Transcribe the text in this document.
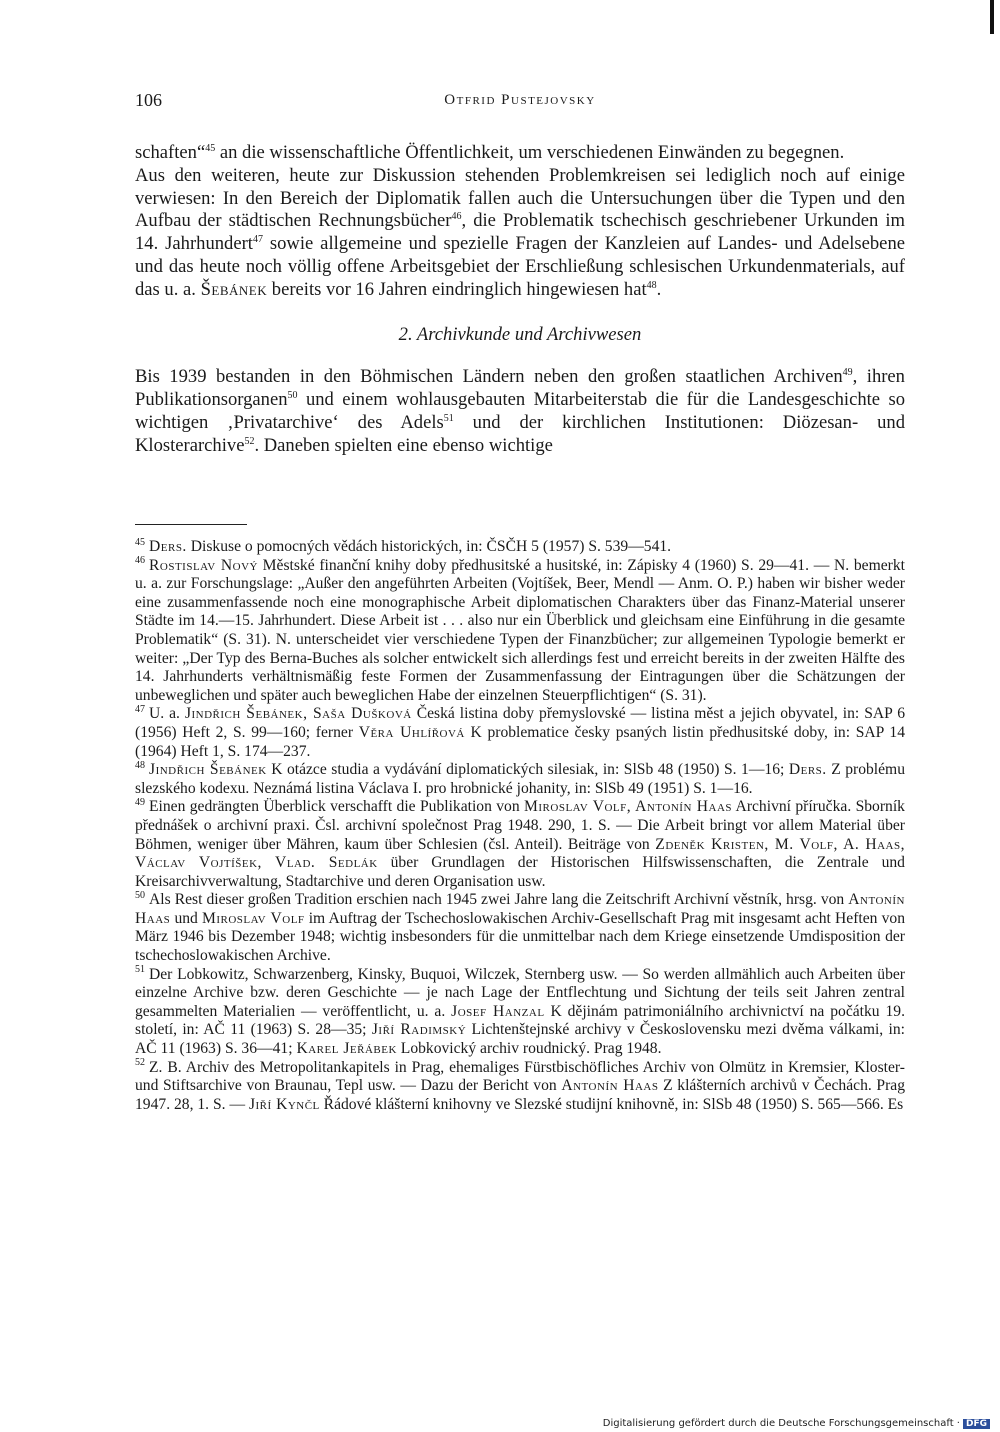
106	Otfrid Pustejovsky

schaften“$^{45}$ an die wissenschaftliche Öffentlichkeit, um verschiedenen Einwänden zu begegnen.

Aus den weiteren, heute zur Diskussion stehenden Problemkreisen sei lediglich noch auf einige verwiesen: In den Bereich der Diplomatik fallen auch die Untersuchungen über die Typen und den Aufbau der städtischen Rechnungsbücher$^{46}$, die Problematik tschechisch geschriebener Urkunden im 14. Jahrhundert$^{47}$ sowie allgemeine und spezielle Fragen der Kanzleien auf Landes- und Adelsebene und das heute noch völlig offene Arbeitsgebiet der Erschließung schlesischen Urkundenmaterials, auf das u. a. Šebánek bereits vor 16 Jahren eindringlich hingewiesen hat$^{48}$.

2. Archivkunde und Archivwesen

Bis 1939 bestanden in den Böhmischen Ländern neben den großen staatlichen Archiven$^{49}$, ihren Publikationsorganen$^{50}$ und einem wohlausgebauten Mitarbeiterstab die für die Landesgeschichte so wichtigen ‚Privatarchive‘ des Adels$^{51}$ und der kirchlichen Institutionen: Diözesan- und Klosterarchive$^{52}$. Daneben spielten eine ebenso wichtige

$^{45}$ Ders. Diskuse o pomocných vědách historických, in: ČSČH 5 (1957) S. 539—541.

$^{46}$ Rostislav Nový Městské finanční knihy doby předhusitské a husitské, in: Zápisky 4 (1960) S. 29—41. — N. bemerkt u. a. zur Forschungslage: „Außer den angeführten Arbeiten (Vojtíšek, Beer, Mendl — Anm. O. P.) haben wir bisher weder eine zusammenfassende noch eine monographische Arbeit diplomatischen Charakters über das Finanz-Material unserer Städte im 14.—15. Jahrhundert. Diese Arbeit ist . . . also nur ein Überblick und gleichsam eine Einführung in die gesamte Problematik“ (S. 31). N. unterscheidet vier verschiedene Typen der Finanzbücher; zur allgemeinen Typologie bemerkt er weiter: „Der Typ des Berna-Buches als solcher entwickelt sich allerdings fest und erreicht bereits in der zweiten Hälfte des 14. Jahrhunderts verhältnismäßig feste Formen der Zusammenfassung der Eintragungen über die Schätzungen der unbeweglichen und später auch beweglichen Habe der einzelnen Steuerpflichtigen“ (S. 31).

$^{47}$ U. a. Jindřich Šebánek, Saša Dušková Česká listina doby přemyslovské — listina měst a jejich obyvatel, in: SAP 6 (1956) Heft 2, S. 99—160; ferner Věra Uhlířová K problematice česky psaných listin předhusitské doby, in: SAP 14 (1964) Heft 1, S. 174—237.

$^{48}$ Jindřich Šebánek K otázce studia a vydávání diplomatických silesiak, in: SlSb 48 (1950) S. 1—16; Ders. Z problému slezského kodexu. Neznámá listina Václava I. pro hrobnické johanity, in: SlSb 49 (1951) S. 1—16.

$^{49}$ Einen gedrängten Überblick verschafft die Publikation von Miroslav Volf, Antonín Haas Archivní příručka. Sborník přednášek o archivní praxi. Čsl. archivní společnost Prag 1948. 290, 1. S. — Die Arbeit bringt vor allem Material über Böhmen, weniger über Mähren, kaum über Schlesien (čsl. Anteil). Beiträge von Zdeněk Kristen, M. Volf, A. Haas, Václav Vojtíšek, Vlad. Sedlák über Grundlagen der Historischen Hilfswissenschaften, die Zentrale und Kreisarchivverwaltung, Stadtarchive und deren Organisation usw.

$^{50}$ Als Rest dieser großen Tradition erschien nach 1945 zwei Jahre lang die Zeitschrift Archivní věstník, hrsg. von Antonín Haas und Miroslav Volf im Auftrag der Tschechoslowakischen Archiv-Gesellschaft Prag mit insgesamt acht Heften von März 1946 bis Dezember 1948; wichtig insbesonders für die unmittelbar nach dem Kriege einsetzende Umdisposition der tschechoslowakischen Archive.

$^{51}$ Der Lobkowitz, Schwarzenberg, Kinsky, Buquoi, Wilczek, Sternberg usw. — So werden allmählich auch Arbeiten über einzelne Archive bzw. deren Geschichte — je nach Lage der Entflechtung und Sichtung der teils seit Jahren zentral gesammelten Materialien — veröffentlicht, u. a. Josef Hanzal K dějinám patrimoniálního archivnictví na počátku 19. století, in: AČ 11 (1963) S. 28—35; Jiří Radimský Lichtenštejnské archivy v Československu mezi dvěma válkami, in: AČ 11 (1963) S. 36—41; Karel Jeřábek Lobkovický archiv roudnický. Prag 1948.

$^{52}$ Z. B. Archiv des Metropolitankapitels in Prag, ehemaliges Fürstbischöfliches Archiv von Olmütz in Kremsier, Kloster- und Stiftsarchive von Braunau, Tepl usw. — Dazu der Bericht von Antonín Haas Z klášterních archivů v Čechách. Prag 1947. 28, 1. S. — Jiří Kynčl Řádové klášterní knihovny ve Slezské studijní knihovně, in: SlSb 48 (1950) S. 565—566. Es

Digitalisierung gefördert durch die Deutsche Forschungsgemeinschaft · DFG
